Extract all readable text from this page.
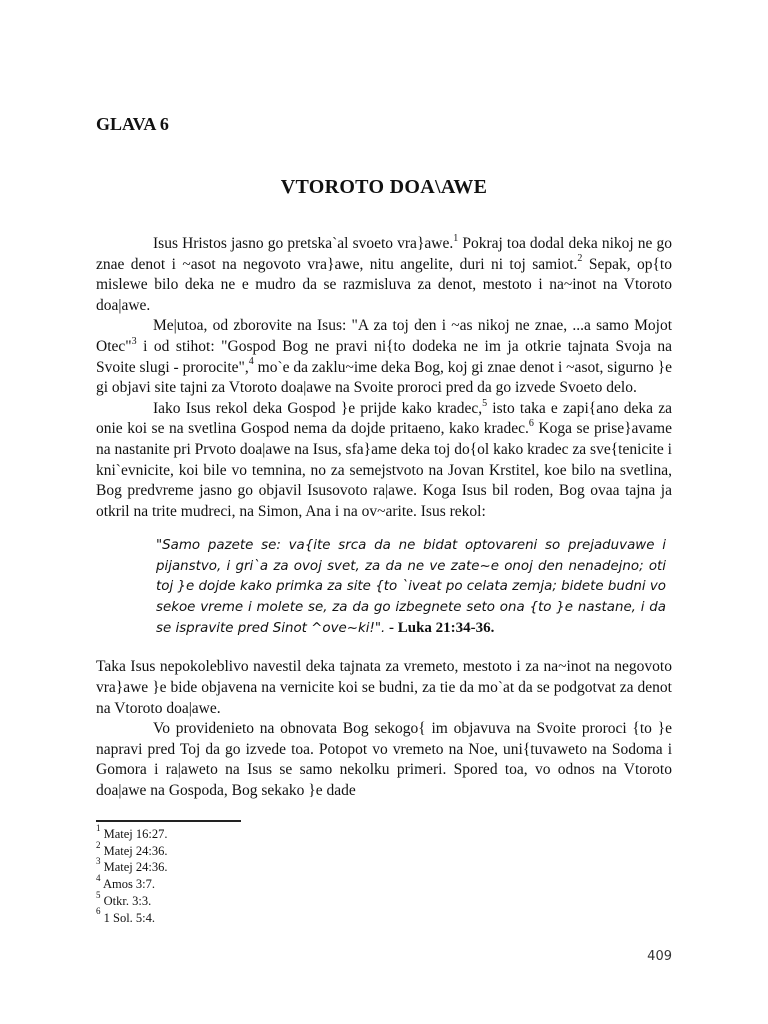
GLAVA 6
VTOROTO DOA\AWE

Isus Hristos jasno go pretska`al svoeto vra}awe.$^1$ Pokraj toa dodal deka nikoj ne go znae denot i ~asot na negovoto vra}awe, nitu angelite, duri ni toj samiot.$^2$ Sepak, op{to mislewe bilo deka ne e mudro da se razmisluva za denot, mestoto i na~inot na Vtoroto doa|awe.

Me|utoa, od zborovite na Isus: "A za toj den i ~as nikoj ne znae, ...a samo Mojot Otec"$^3$ i od stihot: "Gospod Bog ne pravi ni{to dodeka ne im ja otkrie tajnata Svoja na Svoite slugi - prorocite",$^4$ mo`e da zaklu~ime deka Bog, koj gi znae denot i ~asot, sigurno }e gi objavi site tajni za Vtoroto doa|awe na Svoite proroci pred da go izvede Svoeto delo.

Iako Isus rekol deka Gospod }e prijde kako kradec,$^5$ isto taka e zapi{ano deka za onie koi se na svetlina Gospod nema da dojde pritaeno, kako kradec.$^6$ Koga se prise}avame na nastanite pri Prvoto doa|awe na Isus, sfa}ame deka toj do{ol kako kradec za sve{tenicite i kni`evnicite, koi bile vo temnina, no za semejstvoto na Jovan Krstitel, koe bilo na svetlina, Bog predvreme jasno go objavil Isusovoto ra|awe. Koga Isus bil roden, Bog ovaa tajna ja otkril na trite mudreci, na Simon, Ana i na ov~arite. Isus rekol:

"Samo pazete se: va{ite srca da ne bidat optovareni so prejaduvawe i pijanstvo, i gri`a za ovoj svet, za da ne ve zate~e onoj den nenadejno; oti toj }e dojde kako primka za site {to `iveat po celata zemja; bidete budni vo sekoe vreme i molete se, za da go izbegnete seto ona {to }e nastane, i da se ispravite pred Sinot ^ove~ki!". - Luka 21:34-36.

Taka Isus nepokoleblivo navestil deka tajnata za vremeto, mestoto i za na~inot na negovoto vra}awe }e bide objavena na vernicite koi se budni, za tie da mo`at da se podgotvat za denot na Vtoroto doa|awe.

Vo providenieto na obnovata Bog sekogo{ im objavuva na Svoite proroci {to }e napravi pred Toj da go izvede toa. Potopot vo vremeto na Noe, uni{tuvaweto na Sodoma i Gomora i ra|aweto na Isus se samo nekolku primeri. Spored toa, vo odnos na Vtoroto doa|awe na Gospoda, Bog sekako }e dade

$^1$ Matej 16:27.
$^2$ Matej 24:36.
$^3$ Matej 24:36.
$^4$ Amos 3:7.
$^5$ Otkr. 3:3.
$^6$ 1 Sol. 5:4.
409
